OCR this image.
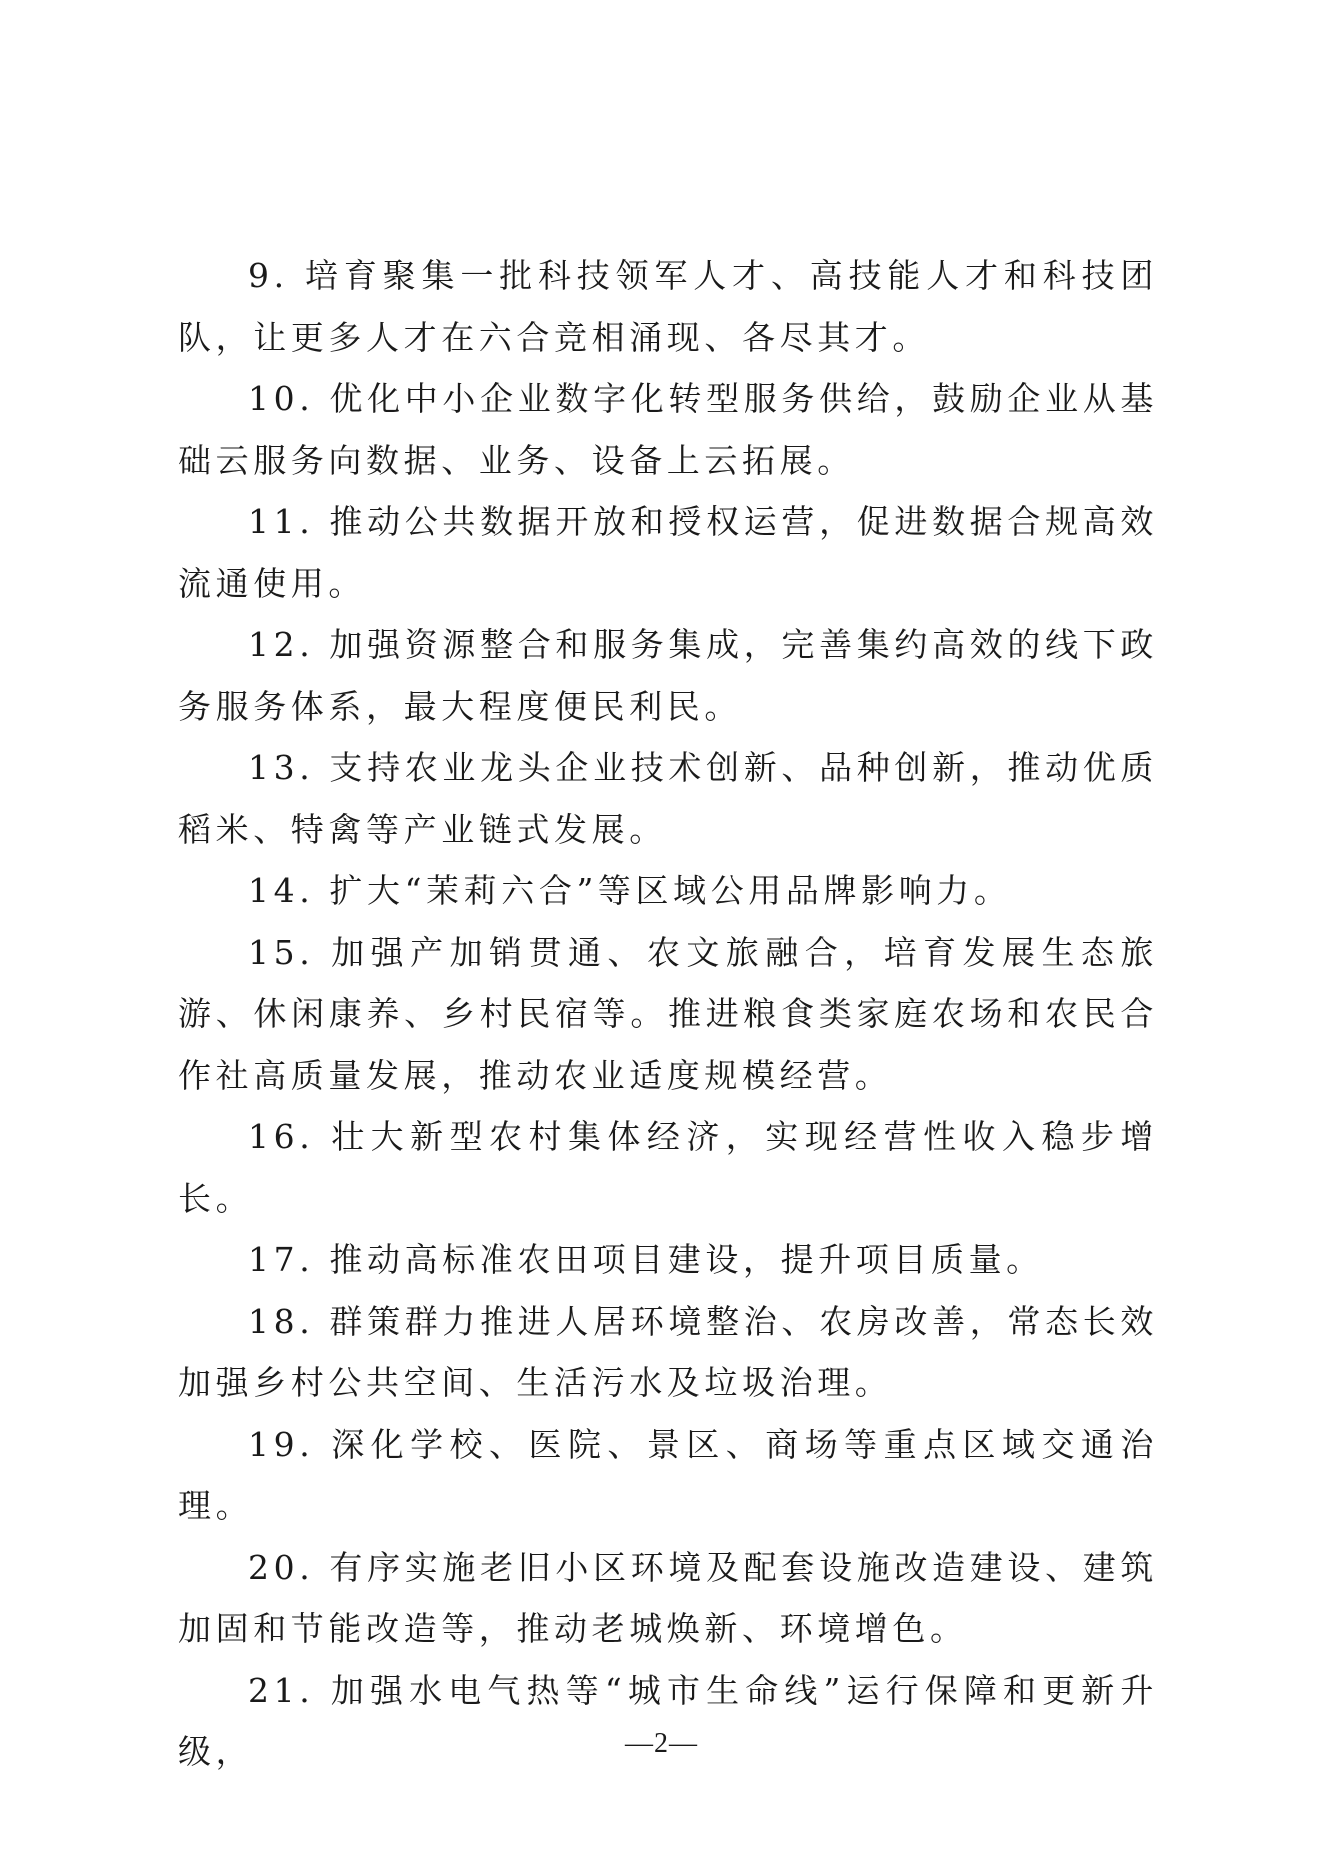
9. 培育聚集一批科技领军人才、高技能人才和科技团队，让更多人才在六合竞相涌现、各尽其才。

10. 优化中小企业数字化转型服务供给，鼓励企业从基础云服务向数据、业务、设备上云拓展。

11. 推动公共数据开放和授权运营，促进数据合规高效流通使用。

12. 加强资源整合和服务集成，完善集约高效的线下政务服务体系，最大程度便民利民。

13. 支持农业龙头企业技术创新、品种创新，推动优质稻米、特禽等产业链式发展。

14. 扩大“茉莉六合”等区域公用品牌影响力。

15. 加强产加销贯通、农文旅融合，培育发展生态旅游、休闲康养、乡村民宿等。推进粮食类家庭农场和农民合作社高质量发展，推动农业适度规模经营。

16. 壮大新型农村集体经济，实现经营性收入稳步增长。

17. 推动高标准农田项目建设，提升项目质量。

18. 群策群力推进人居环境整治、农房改善，常态长效加强乡村公共空间、生活污水及垃圾治理。

19. 深化学校、医院、景区、商场等重点区域交通治理。

20. 有序实施老旧小区环境及配套设施改造建设、建筑加固和节能改造等，推动老城焕新、环境增色。

21. 加强水电气热等“城市生命线”运行保障和更新升级，	—2—
